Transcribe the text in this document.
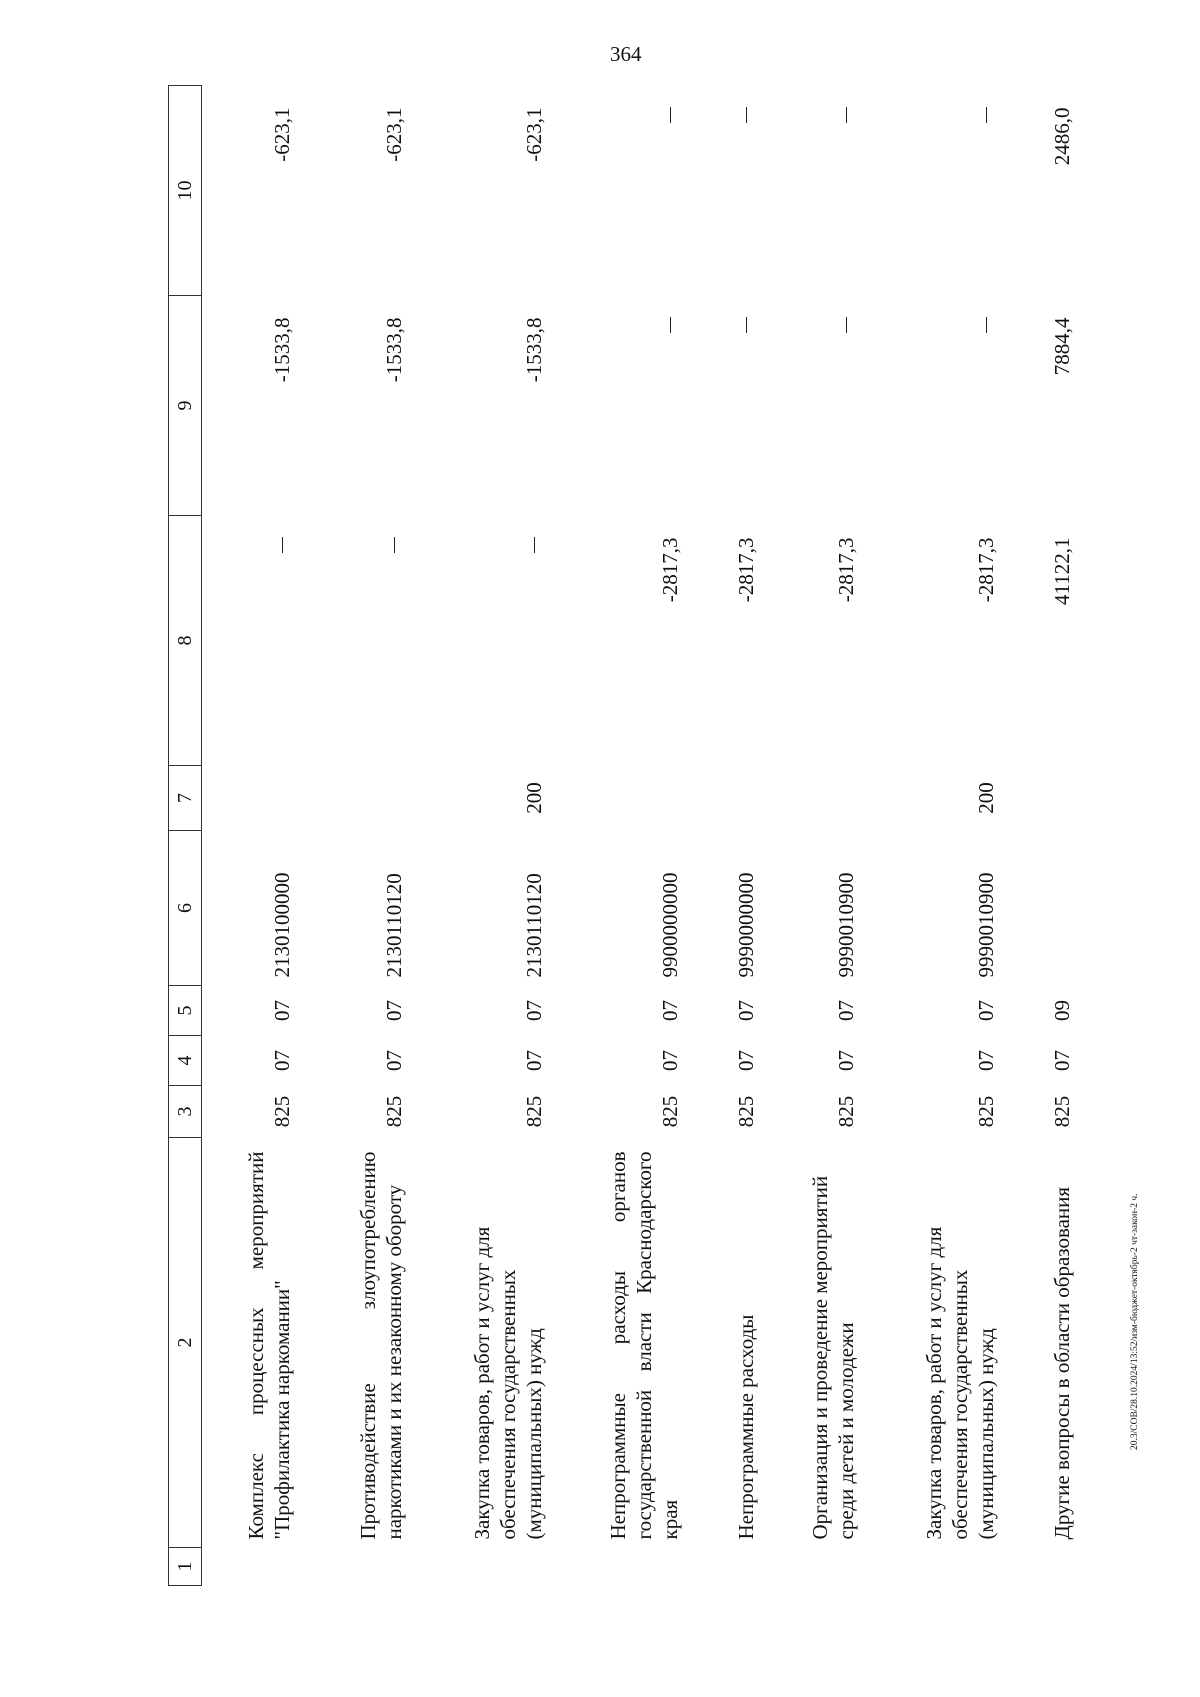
364
20.3/СОВ/28.10.2024/13:52/изм-бюджет-октябрь-2 чт-закон-2 ч.
1	2	3	4	5	6	7	8	9	10
	Комплекс процессных мероприятий "Профилактика наркомании"	825	07	07	2130100000			-1533,8	-623,1
	Противодействие злоупотреблению наркотиками и их незаконному обороту	825	07	07	2130110120			-1533,8	-623,1
	Закупка товаров, работ и услуг для обеспечения государственных (муниципальных) нужд	825	07	07	2130110120	200		-1533,8	-623,1
	Непрограммные расходы органов государственной власти Краснодарского края	825	07	07	9900000000		-2817,3		
	Непрограммные расходы	825	07	07	9990000000		-2817,3		
	Организация и проведение мероприятий среди детей и молодежи	825	07	07	9990010900		-2817,3		
	Закупка товаров, работ и услуг для обеспечения государственных (муниципальных) нужд	825	07	07	9990010900	200	-2817,3		
	Другие вопросы в области образования	825	07	09			41122,1	7884,4	2486,0
